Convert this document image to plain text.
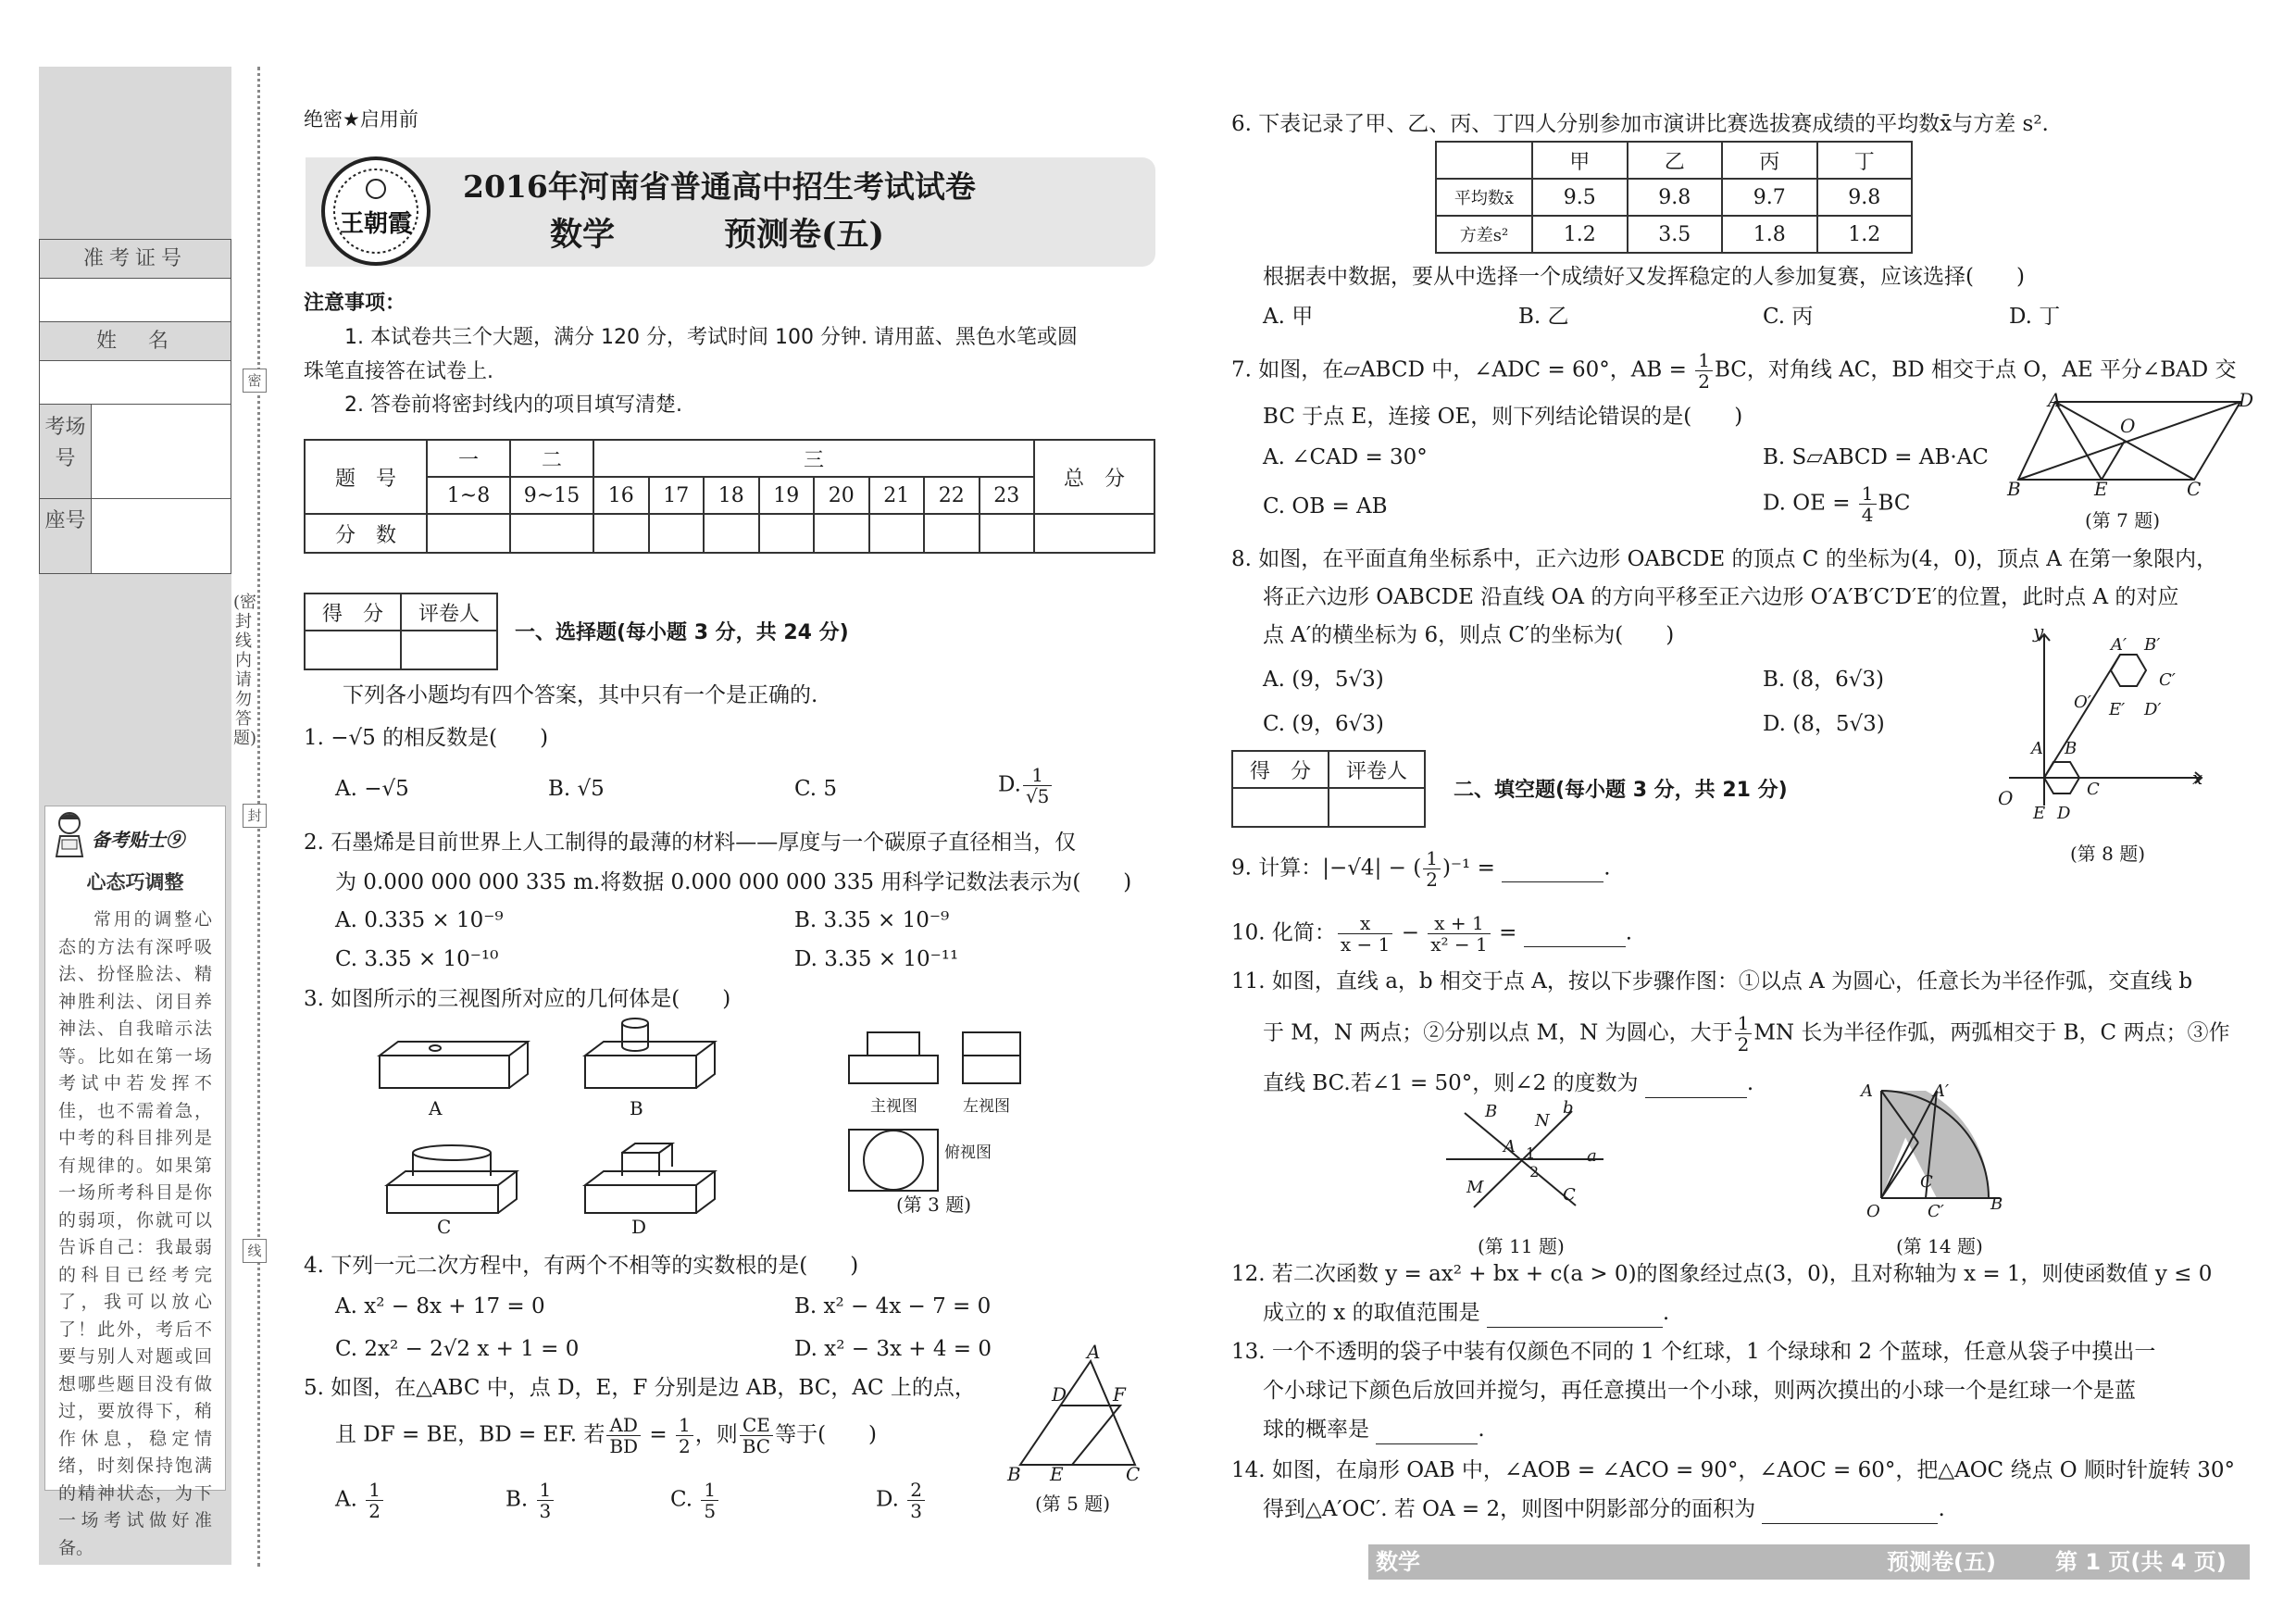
准考证号
姓　名
考场号
座号
密
封
线
(密封线内请勿答题)
备考贴士⑨
心态巧调整
常用的调整心态的方法有深呼吸法、扮怪脸法、精神胜利法、闭目养神法、自我暗示法等。比如在第一场考试中若发挥不佳，也不需着急，中考的科目排列是有规律的。如果第一场所考科目是你的弱项，你就可以告诉自己：我最弱的科目已经考完了，我可以放心了！此外，考后不要与别人对题或回想哪些题目没有做过，要放得下，稍作休息，稳定情绪，时刻保持饱满的精神状态，为下一场考试做好准备。
绝密★启用前
王朝霞
2016年河南省普通高中招生考试试卷
数学	预测卷(五)
注意事项：
1. 本试卷共三个大题，满分 120 分，考试时间 100 分钟. 请用蓝、黑色水笔或圆
珠笔直接答在试卷上.
2. 答卷前将密封线内的项目填写清楚.
题　号	一	二	三								总　分
	1~8	9~15	16	17	18	19	20	21	22	23	
分　数											
得　分	评卷人

一、选择题(每小题 3 分，共 24 分)
下列各小题均有四个答案，其中只有一个是正确的.
1. −√5 的相反数是(　　)
A. −√5	B. √5	C. 5	D. $\frac{1}{√5}$
2. 石墨烯是目前世界上人工制得的最薄的材料——厚度与一个碳原子直径相当，仅
为 0.000 000 000 335 m.将数据 0.000 000 000 335 用科学记数法表示为(　　)
A. 0.335 × 10⁻⁹	B. 3.35 × 10⁻⁹
C. 3.35 × 10⁻¹⁰	D. 3.35 × 10⁻¹¹
3. 如图所示的三视图所对应的几何体是(　　)
A	B
C	D
主视图	左视图
俯视图
(第 3 题)
4. 下列一元二次方程中，有两个不相等的实数根的是(　　)
A. x² − 8x + 17 = 0	B. x² − 4x − 7 = 0
C. 2x² − 2√2 x + 1 = 0	D. x² − 3x + 4 = 0
5. 如图，在△ABC 中，点 D，E，F 分别是边 AB，BC，AC 上的点，
且 DF = BE，BD = EF. 若 $\frac{AD}{BD} = \frac{1}{2}$ ，则 $\frac{CE}{BC}$ 等于(　　)
A. $\frac{1}{2}$	B. $\frac{1}{3}$	C. $\frac{1}{5}$	D. $\frac{2}{3}$
A
D F
B E	C
(第 5 题)
6. 下表记录了甲、乙、丙、丁四人分别参加市演讲比赛选拔赛成绩的平均数x̄与方差 s².
	甲	乙	丙	丁
平均数x̄	9.5	9.8	9.7	9.8
方差s²	1.2	3.5	1.8	1.2
根据表中数据，要从中选择一个成绩好又发挥稳定的人参加复赛，应该选择(　　)
A. 甲	B. 乙	C. 丙	D. 丁
7. 如图，在▱ABCD 中，∠ADC = 60°，AB = $\frac{1}{2}$ BC，对角线 AC，BD 相交于点 O，AE 平分∠BAD 交
BC 于点 E，连接 OE，则下列结论错误的是(　　)
A. ∠CAD = 30°	B. S▱ABCD = AB·AC
C. OB = AB	D. OE = $\frac{1}{4}$ BC
A	D
O
B	E	C
(第 7 题)
8. 如图，在平面直角坐标系中，正六边形 OABCDE 的顶点 C 的坐标为(4，0)，顶点 A 在第一象限内，
将正六边形 OABCDE 沿直线 OA 的方向平移至正六边形 O′A′B′C′D′E′的位置，此时点 A 的对应
点 A′的横坐标为 6，则点 C′的坐标为(　　)
A. (9，5√3)	B. (8，6√3)
C. (9，6√3)	D. (8，5√3)
O
x
y
O′
A′ B′
C′
E′ D′
A B
C
E D
(第 8 题)
得　分	评卷人

二、填空题(每小题 3 分，共 21 分)
9. 计算：|−√4| − ( $\frac{1}{2} )^{-1}$ =	.
10. 化简： $\frac{x}{x - 1} - \frac{x + 1}{\text{x² − 1}}$ =	.
11. 如图，直线 a，b 相交于点 A，按以下步骤作图：①以点 A 为圆心，任意长为半径作弧，交直线 b
于 M，N 两点；②分别以点 M，N 为圆心，大于 $\frac{1}{2}$ MN 长为半径作弧，两弧相交于 B，C 两点；③作
直线 BC.若∠1 = 50°，则∠2 的度数为	.
B N
b
A 1
2
a
M	C
(第 11 题)
A	A′
C
O	C′	B
(第 14 题)
12. 若二次函数 y = ax² + bx + c(a > 0)的图象经过点(3，0)，且对称轴为 x = 1，则使函数值 y ≤ 0
成立的 x 的取值范围是	.
13. 一个不透明的袋子中装有仅颜色不同的 1 个红球，1 个绿球和 2 个蓝球，任意从袋子中摸出一
个小球记下颜色后放回并搅匀，再任意摸出一个小球，则两次摸出的小球一个是红球一个是蓝
球的概率是	.
14. 如图，在扇形 OAB 中，∠AOB = ∠ACO = 90°，∠AOC = 60°，把△AOC 绕点 O 顺时针旋转 30°
得到△A′OC′. 若 OA = 2，则图中阴影部分的面积为	.
数学	预测卷(五)	第 1 页(共 4 页)
